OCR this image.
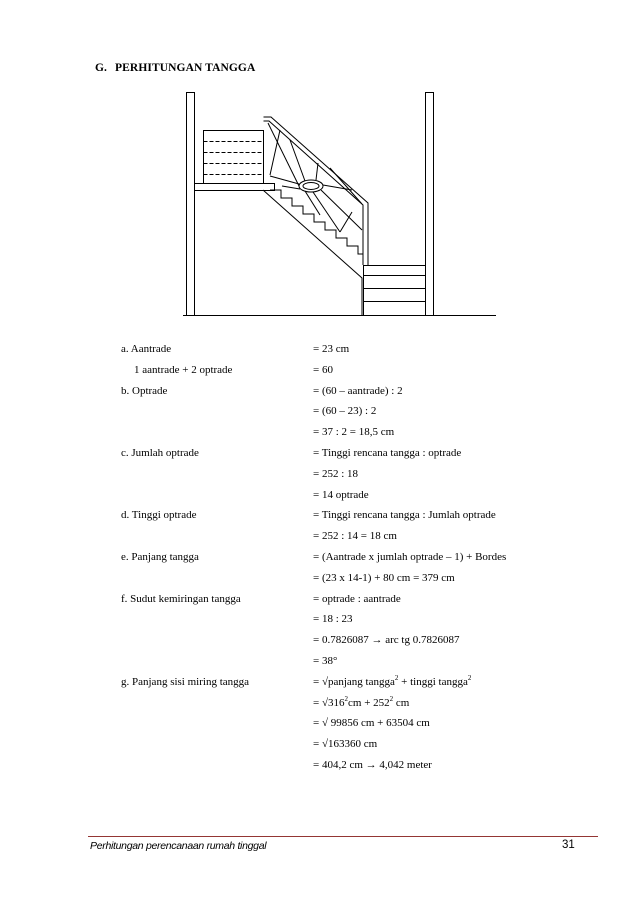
G. PERHITUNGAN TANGGA
a. Aantrade	= 23 cm
1 aantrade + 2 optrade	= 60
b. Optrade	= (60 – aantrade) : 2
= (60 – 23) : 2
= 37 : 2 = 18,5 cm
c. Jumlah optrade	= Tinggi rencana tangga : optrade
= 252 : 18
= 14 optrade
d. Tinggi optrade	= Tinggi rencana tangga : Jumlah optrade
= 252 : 14 = 18 cm
e. Panjang tangga	= (Aantrade x jumlah optrade – 1) + Bordes
= (23 x 14-1) + 80 cm = 379 cm
f. Sudut kemiringan tangga	= optrade : aantrade
= 18 : 23
= 0.7826087 → arc tg 0.7826087
= 38°
g. Panjang sisi miring tangga	= √panjang tangga$^2$ + tinggi tangga$^2$
= $√316^2cm + 252^2$ cm
= √ 99856 cm + 63504 cm
= √163360 cm
= 404,2 cm → 4,042 meter
Perhitungan perencanaan rumah tinggal	31
